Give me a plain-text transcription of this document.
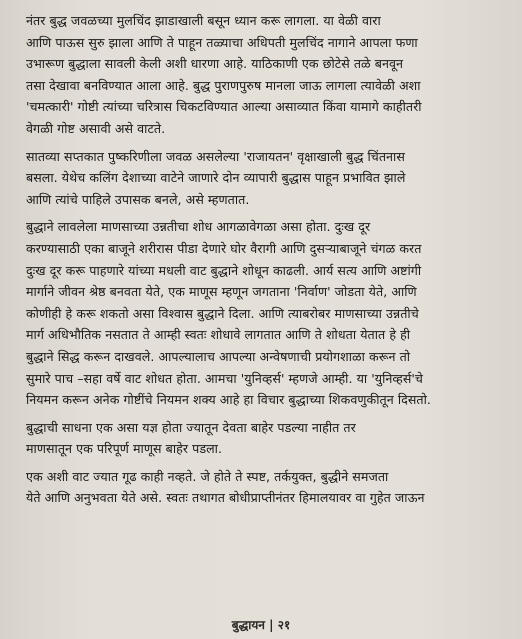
नंतर बुद्ध जवळच्या मुलचिंद झाडाखाली बसून ध्यान करू लागला. या वेळी वारा

आणि पाऊस सुरु झाला आणि ते पाहून तळ्याचा अधिपती मुलचिंद नागाने आपला फणा

उभारूण बुद्धाला सावली केली अशी धारणा आहे. याठिकाणी एक छोटेसे तळे बनवून

तसा देखावा बनविण्यात आला आहे. बुद्ध पुराणपुरुष मानला जाऊ लागला त्यावेळी अशा

'चमत्कारी' गोष्टी त्यांच्या चरित्रास चिकटविण्यात आल्या असाव्यात किंवा यामागे काहीतरी

वेगळी गोष्ट असावी असे वाटते.

सातव्या सप्तकात पुष्करिणीला जवळ असलेल्या 'राजायतन' वृक्षाखाली बुद्ध चिंतनास

बसला. येथेच कलिंग देशाच्या वाटेने जाणारे दोन व्यापारी बुद्धास पाहून प्रभावित झाले

आणि त्यांचे पाहिले उपासक बनले, असे म्हणतात.

बुद्धाने लावलेला माणसाच्या उन्नतीचा शोध आगळावेगळा असा होता. दुःख दूर

करण्यासाठी एका बाजूने शरीरास पीडा देणारे घोर वैरागी आणि दुसऱ्याबाजूने चंगळ करत

दुःख दूर करू पाहणारे यांच्या मधली वाट बुद्धाने शोधून काढली. आर्य सत्य आणि अष्टांगी

मार्गाने जीवन श्रेष्ठ बनवता येते, एक माणूस म्हणून जगताना 'निर्वाण' जोडता येते, आणि

कोणीही हे करू शकतो असा विश्वास बुद्धाने दिला. आणि त्याबरोबर माणसाच्या उन्नतीचे

मार्ग अधिभौतिक नसतात ते आम्ही स्वतः शोधावे लागतात आणि ते शोधता येतात हे ही

बुद्धाने सिद्ध करून दाखवले. आपल्यालाच आपल्या अन्वेषणाची प्रयोगशाळा करून तो

सुमारे पाच –सहा वर्षे वाट शोधत होता. आमचा 'युनिव्हर्स' म्हणजे आम्ही. या 'युनिव्हर्स'चे

नियमन करून अनेक गोष्टींचे नियमन शक्य आहे हा विचार बुद्धाच्या शिकवणुकीतून दिसतो.

बुद्धाची साधना एक असा यज्ञ होता ज्यातून देवता बाहेर पडल्या नाहीत तर

माणसातून एक परिपूर्ण माणूस बाहेर पडला.

एक अशी वाट ज्यात गूढ काही नव्हते. जे होते ते स्पष्ट, तर्कयुक्त, बुद्धीने समजता

येते आणि अनुभवता येते असे. स्वतः तथागत बोधीप्राप्तीनंतर हिमालयावर वा गुहेत जाऊन

बुद्धायन | २१
